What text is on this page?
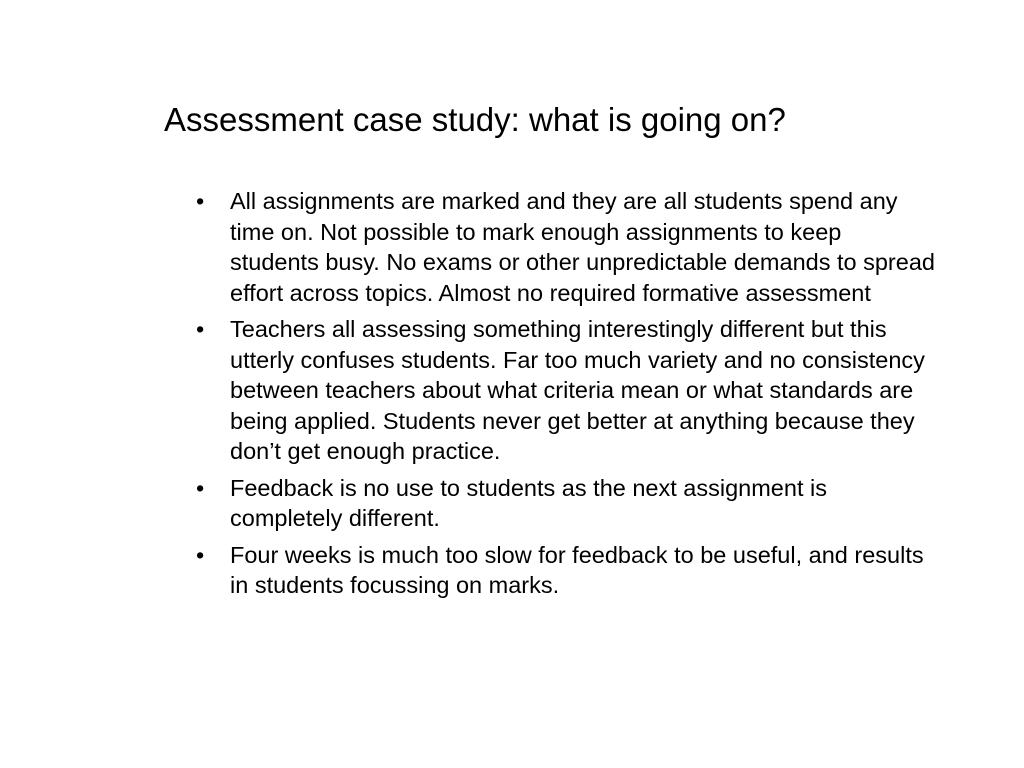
Assessment case study: what is going on?
•	All assignments are marked and they are all students spend any time on. Not possible to mark enough assignments to keep students busy. No exams or other unpredictable demands to spread effort across topics. Almost no required formative assessment
•	Teachers all assessing something interestingly different but this utterly confuses students. Far too much variety and no consistency between teachers about what criteria mean or what standards are being applied. Students never get better at anything because they don’t get enough practice.
•	Feedback is no use to students as the next assignment is completely different.
•	Four weeks is much too slow for feedback to be useful, and results in students focussing on marks.
